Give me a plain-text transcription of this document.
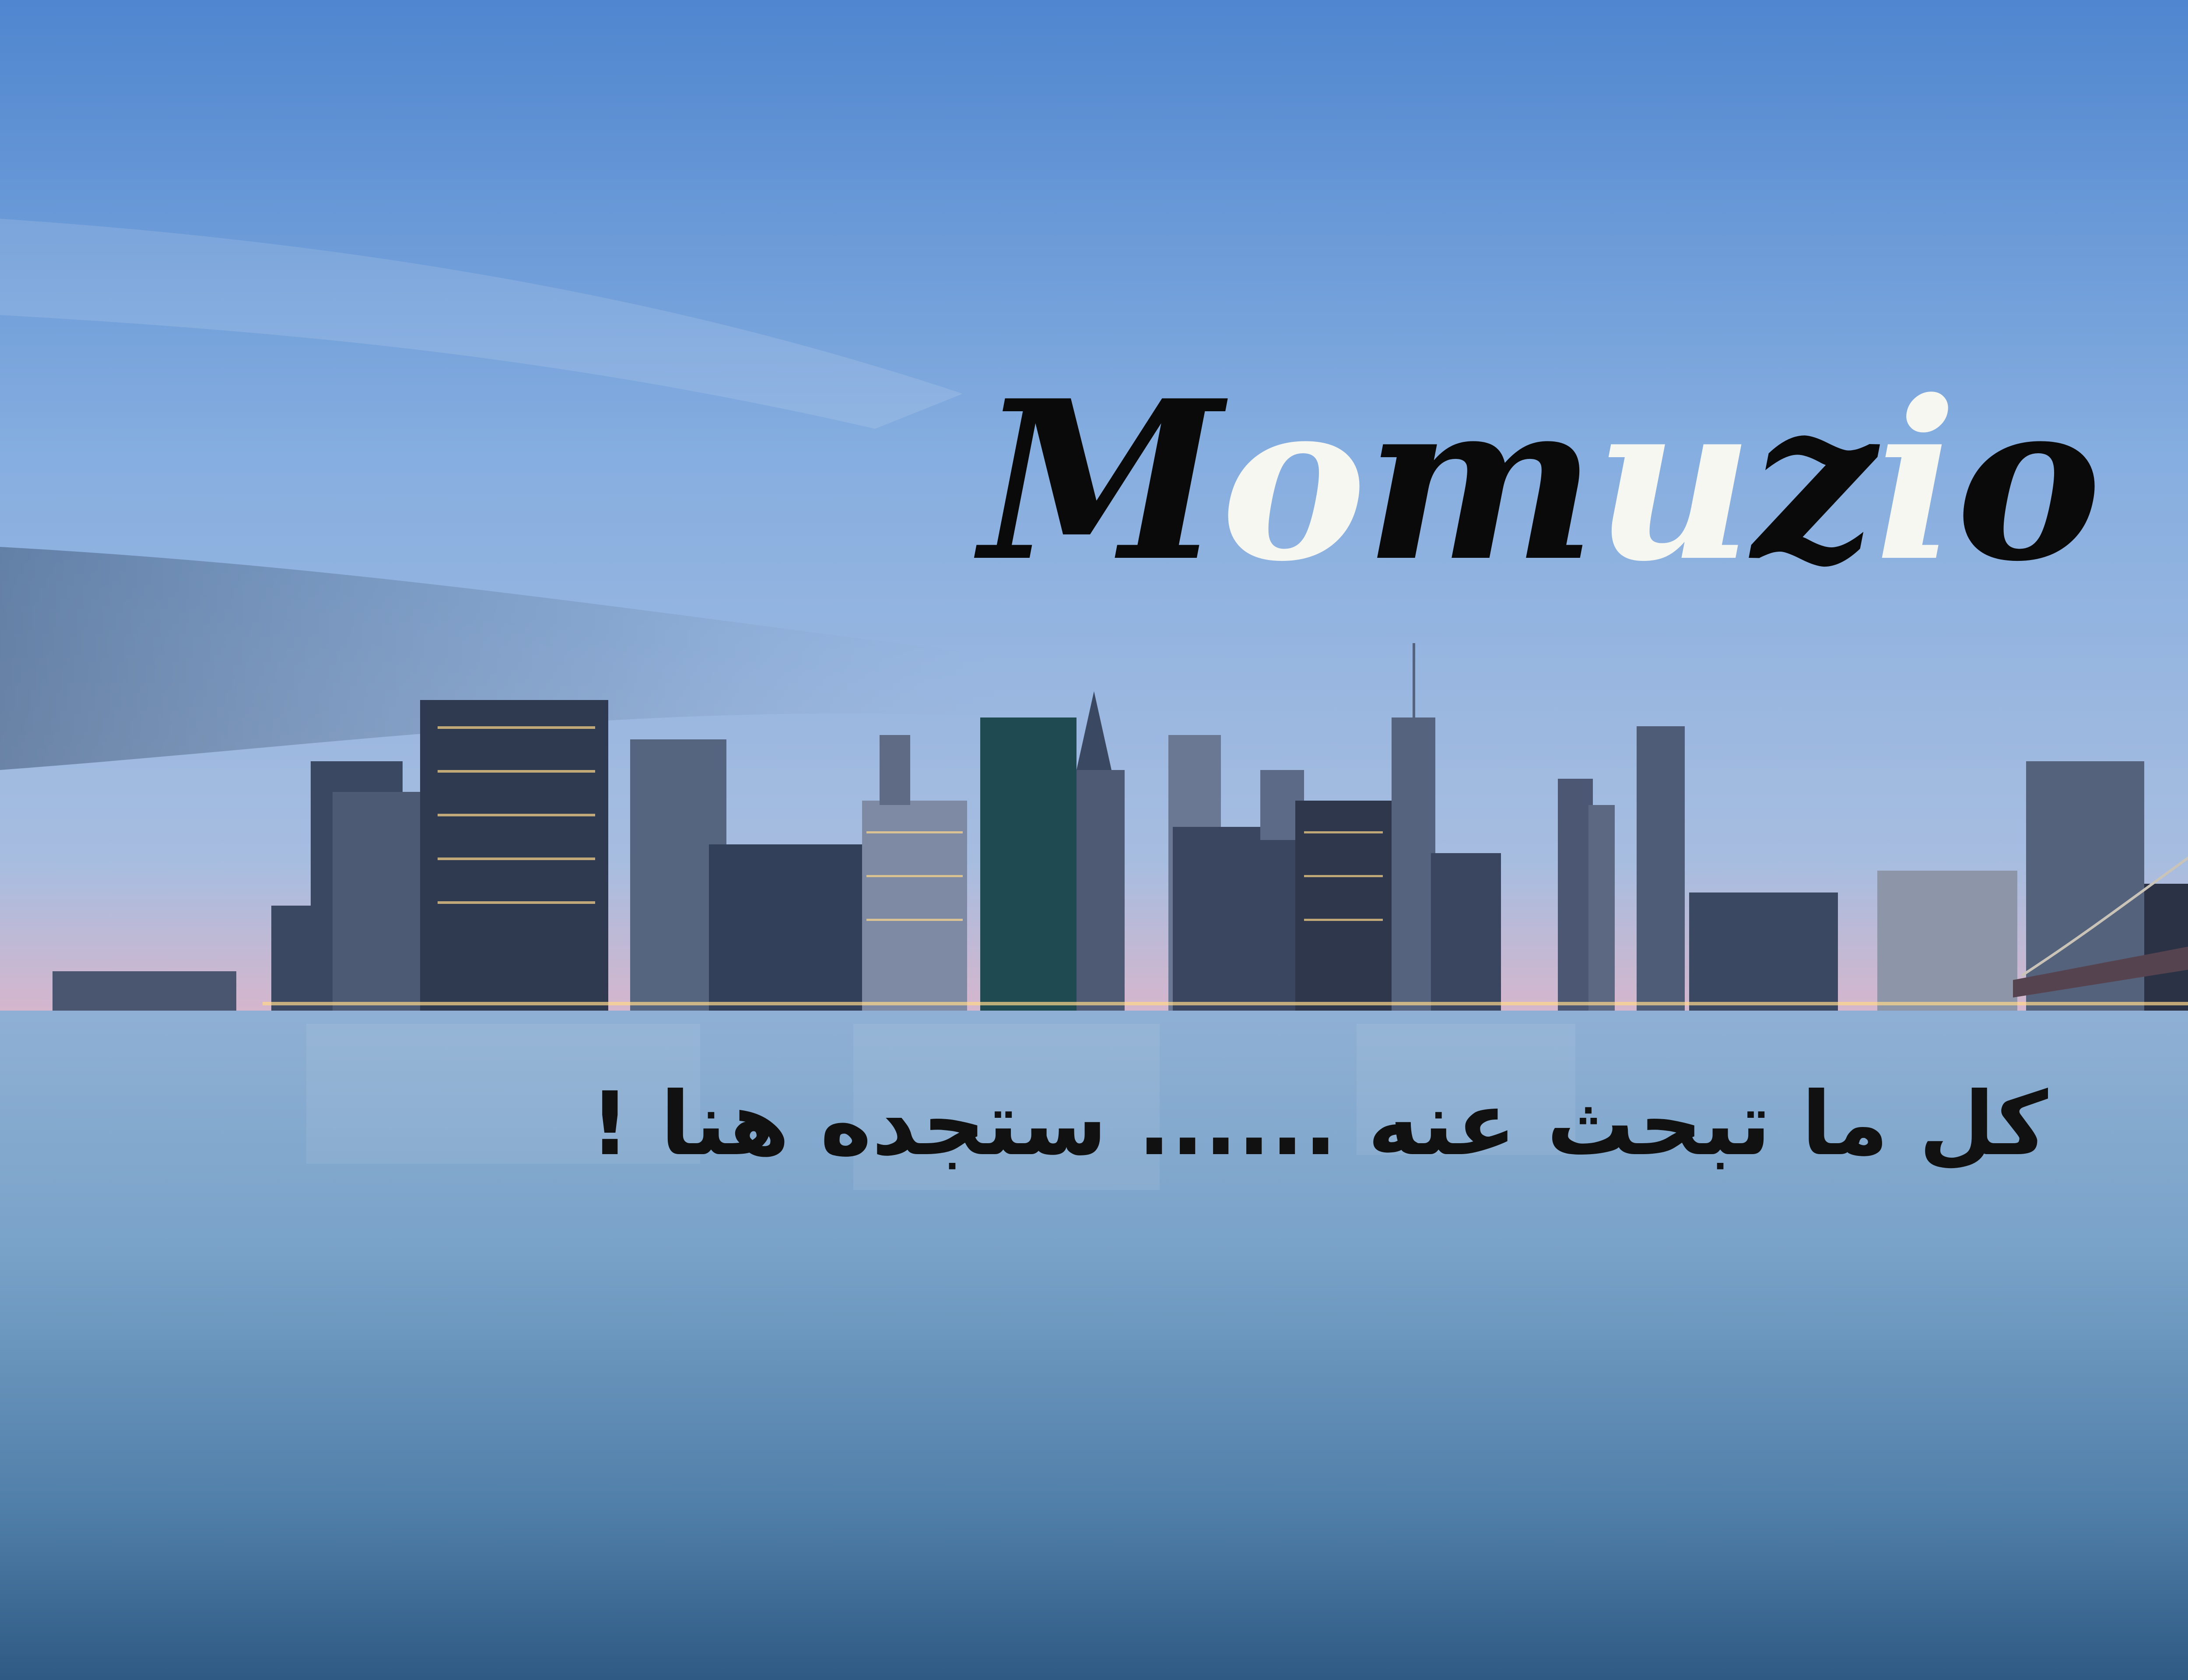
Momuzio
كل ما تبحث عنه ...... ستجده هنا !
